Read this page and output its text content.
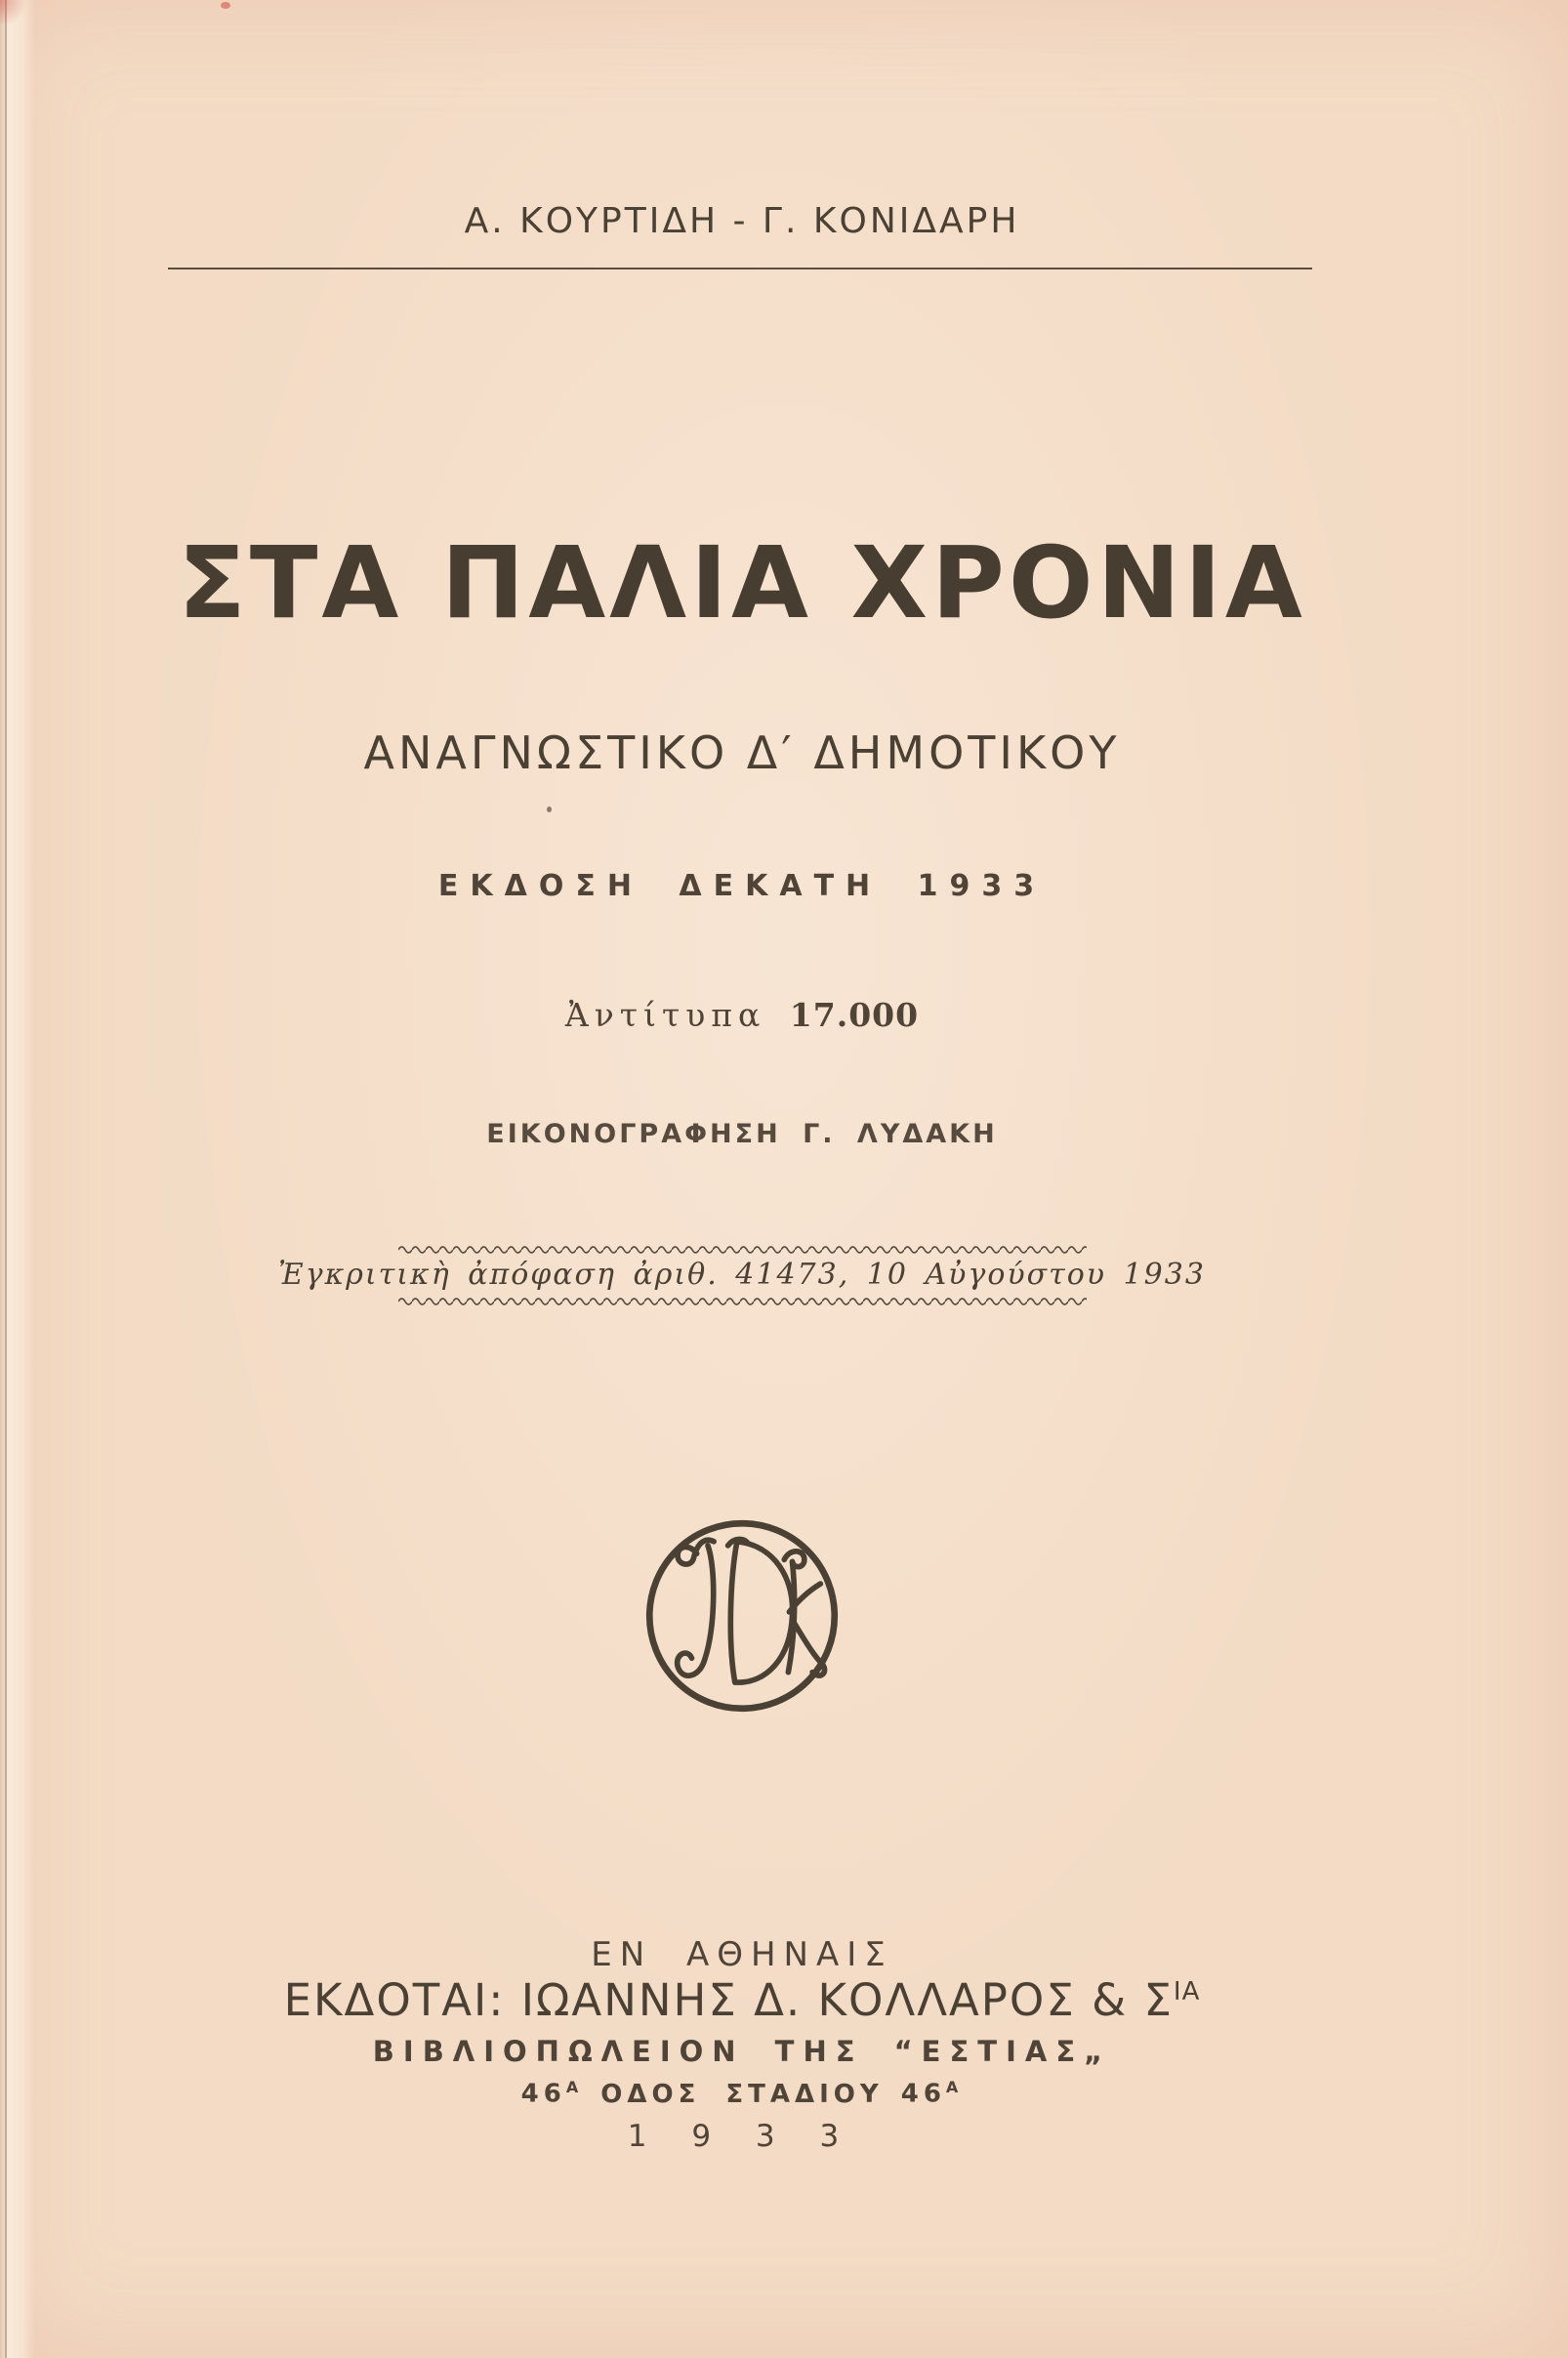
Α. ΚΟΥΡΤΙΔΗ - Γ. ΚΟΝΙΔΑΡΗ
ΣΤΑ ΠΑΛΙΑ ΧΡΟΝΙΑ
ΑΝΑΓΝΩΣΤΙΚΟ Δ′ ΔΗΜΟΤΙΚΟΥ
ΕΚΔΟΣΗ ΔΕΚΑΤΗ 1933
Ἀντίτυπα 17.000
ΕΙΚΟΝΟΓΡΑΦΗΣΗ Γ. ΛΥΔΑΚΗ
Ἐγκριτικὴ ἀπόφαση ἀριθ. 41473, 10 Αὐγούστου 1933
ΕΝ ΑΘΗΝΑΙΣ
ΕΚΔΟΤΑΙ: ΙΩΑΝΝΗΣ Δ. ΚΟΛΛΑΡΟΣ & $\Sigma^{IA}$
ΒΙΒΛΙΟΠΩΛΕΙΟΝ ΤΗΣ “ΕΣΤΙΑΣ„
$46^A$ ΟΔΟΣ ΣΤΑΔΙΟΥ $46^A$
1 9 3 3
